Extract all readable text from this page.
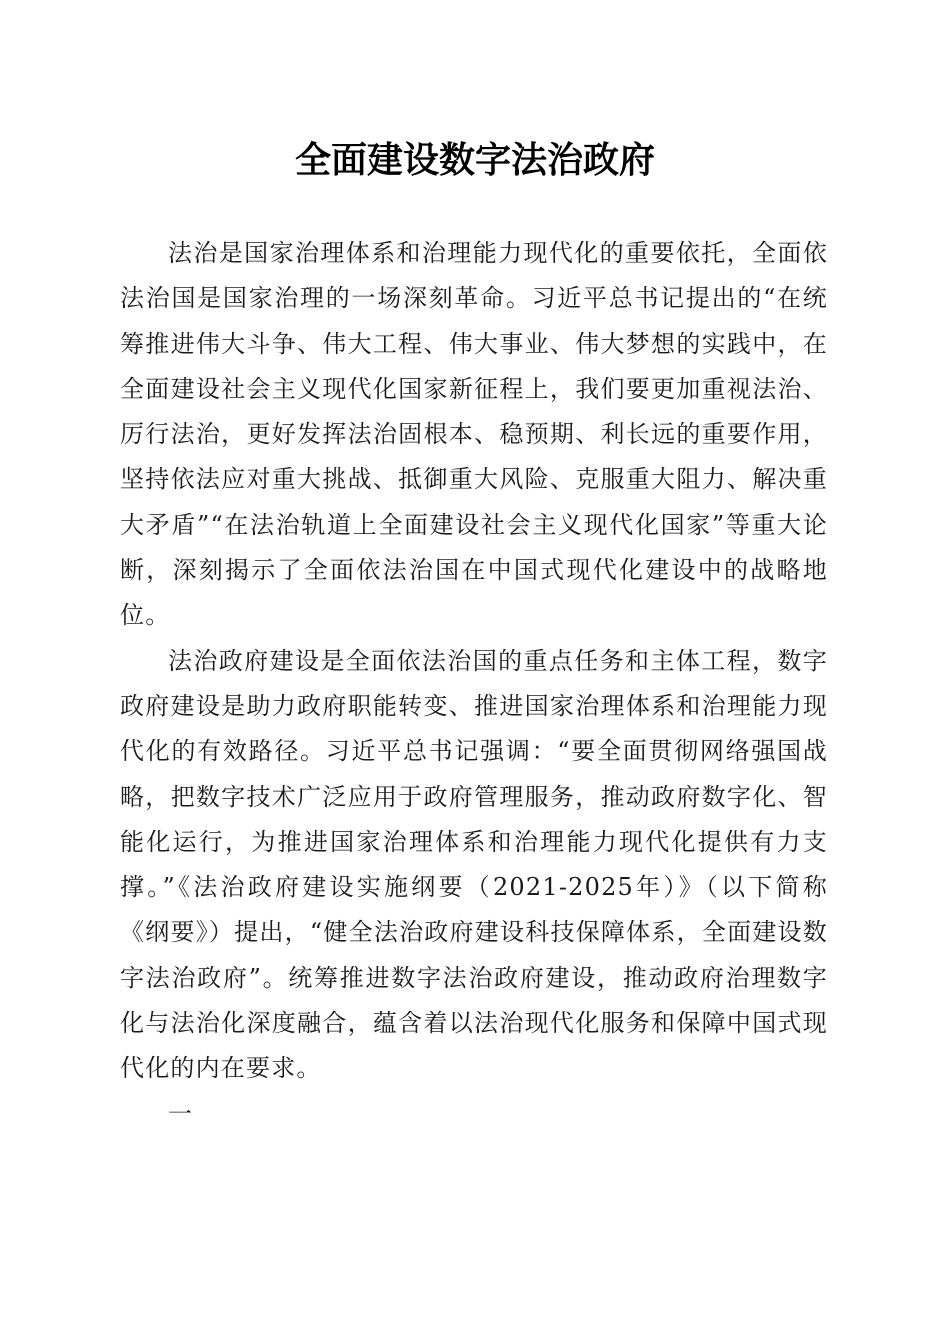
全面建设数字法治政府

法治是国家治理体系和治理能力现代化的重要依托，全面依法治国是国家治理的一场深刻革命。习近平总书记提出的“在统筹推进伟大斗争、伟大工程、伟大事业、伟大梦想的实践中，在全面建设社会主义现代化国家新征程上，我们要更加重视法治、厉行法治，更好发挥法治固根本、稳预期、利长远的重要作用，坚持依法应对重大挑战、抵御重大风险、克服重大阻力、解决重大矛盾”“在法治轨道上全面建设社会主义现代化国家”等重大论断，深刻揭示了全面依法治国在中国式现代化建设中的战略地位。

法治政府建设是全面依法治国的重点任务和主体工程，数字政府建设是助力政府职能转变、推进国家治理体系和治理能力现代化的有效路径。习近平总书记强调：“要全面贯彻网络强国战略，把数字技术广泛应用于政府管理服务，推动政府数字化、智能化运行，为推进国家治理体系和治理能力现代化提供有力支撑。”《法治政府建设实施纲要（2021-2025年）》（以下简称《纲要》）提出，“健全法治政府建设科技保障体系，全面建设数字法治政府”。统筹推进数字法治政府建设，推动政府治理数字化与法治化深度融合，蕴含着以法治现代化服务和保障中国式现代化的内在要求。

一
